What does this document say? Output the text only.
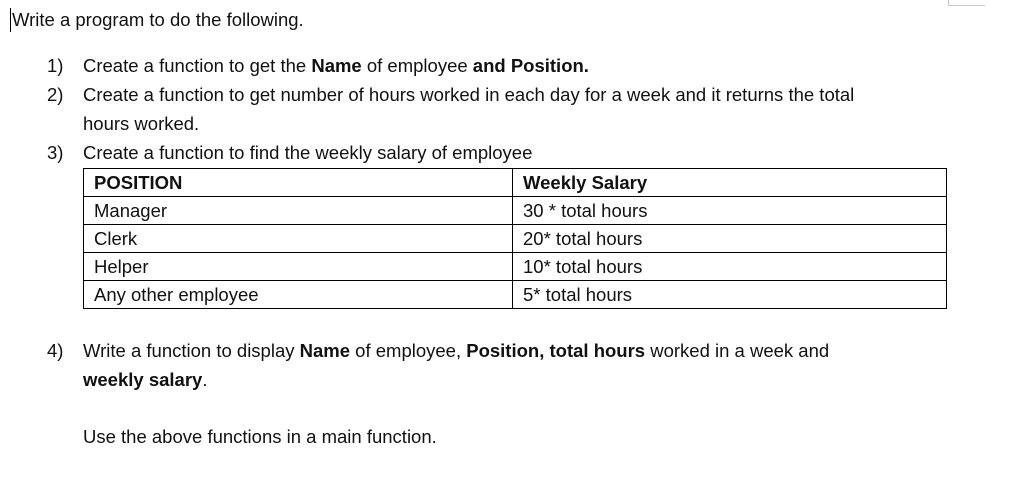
Write a program to do the following.
1) Create a function to get the Name of employee and Position.
2) Create a function to get number of hours worked in each day for a week and it returns the total
hours worked.
3) Create a function to find the weekly salary of employee
POSITION	Weekly Salary
Manager	30 * total hours
Clerk	20* total hours
Helper	10* total hours
Any other employee	5* total hours
4) Write a function to display Name of employee, Position, total hours worked in a week and
weekly salary.
Use the above functions in a main function.
